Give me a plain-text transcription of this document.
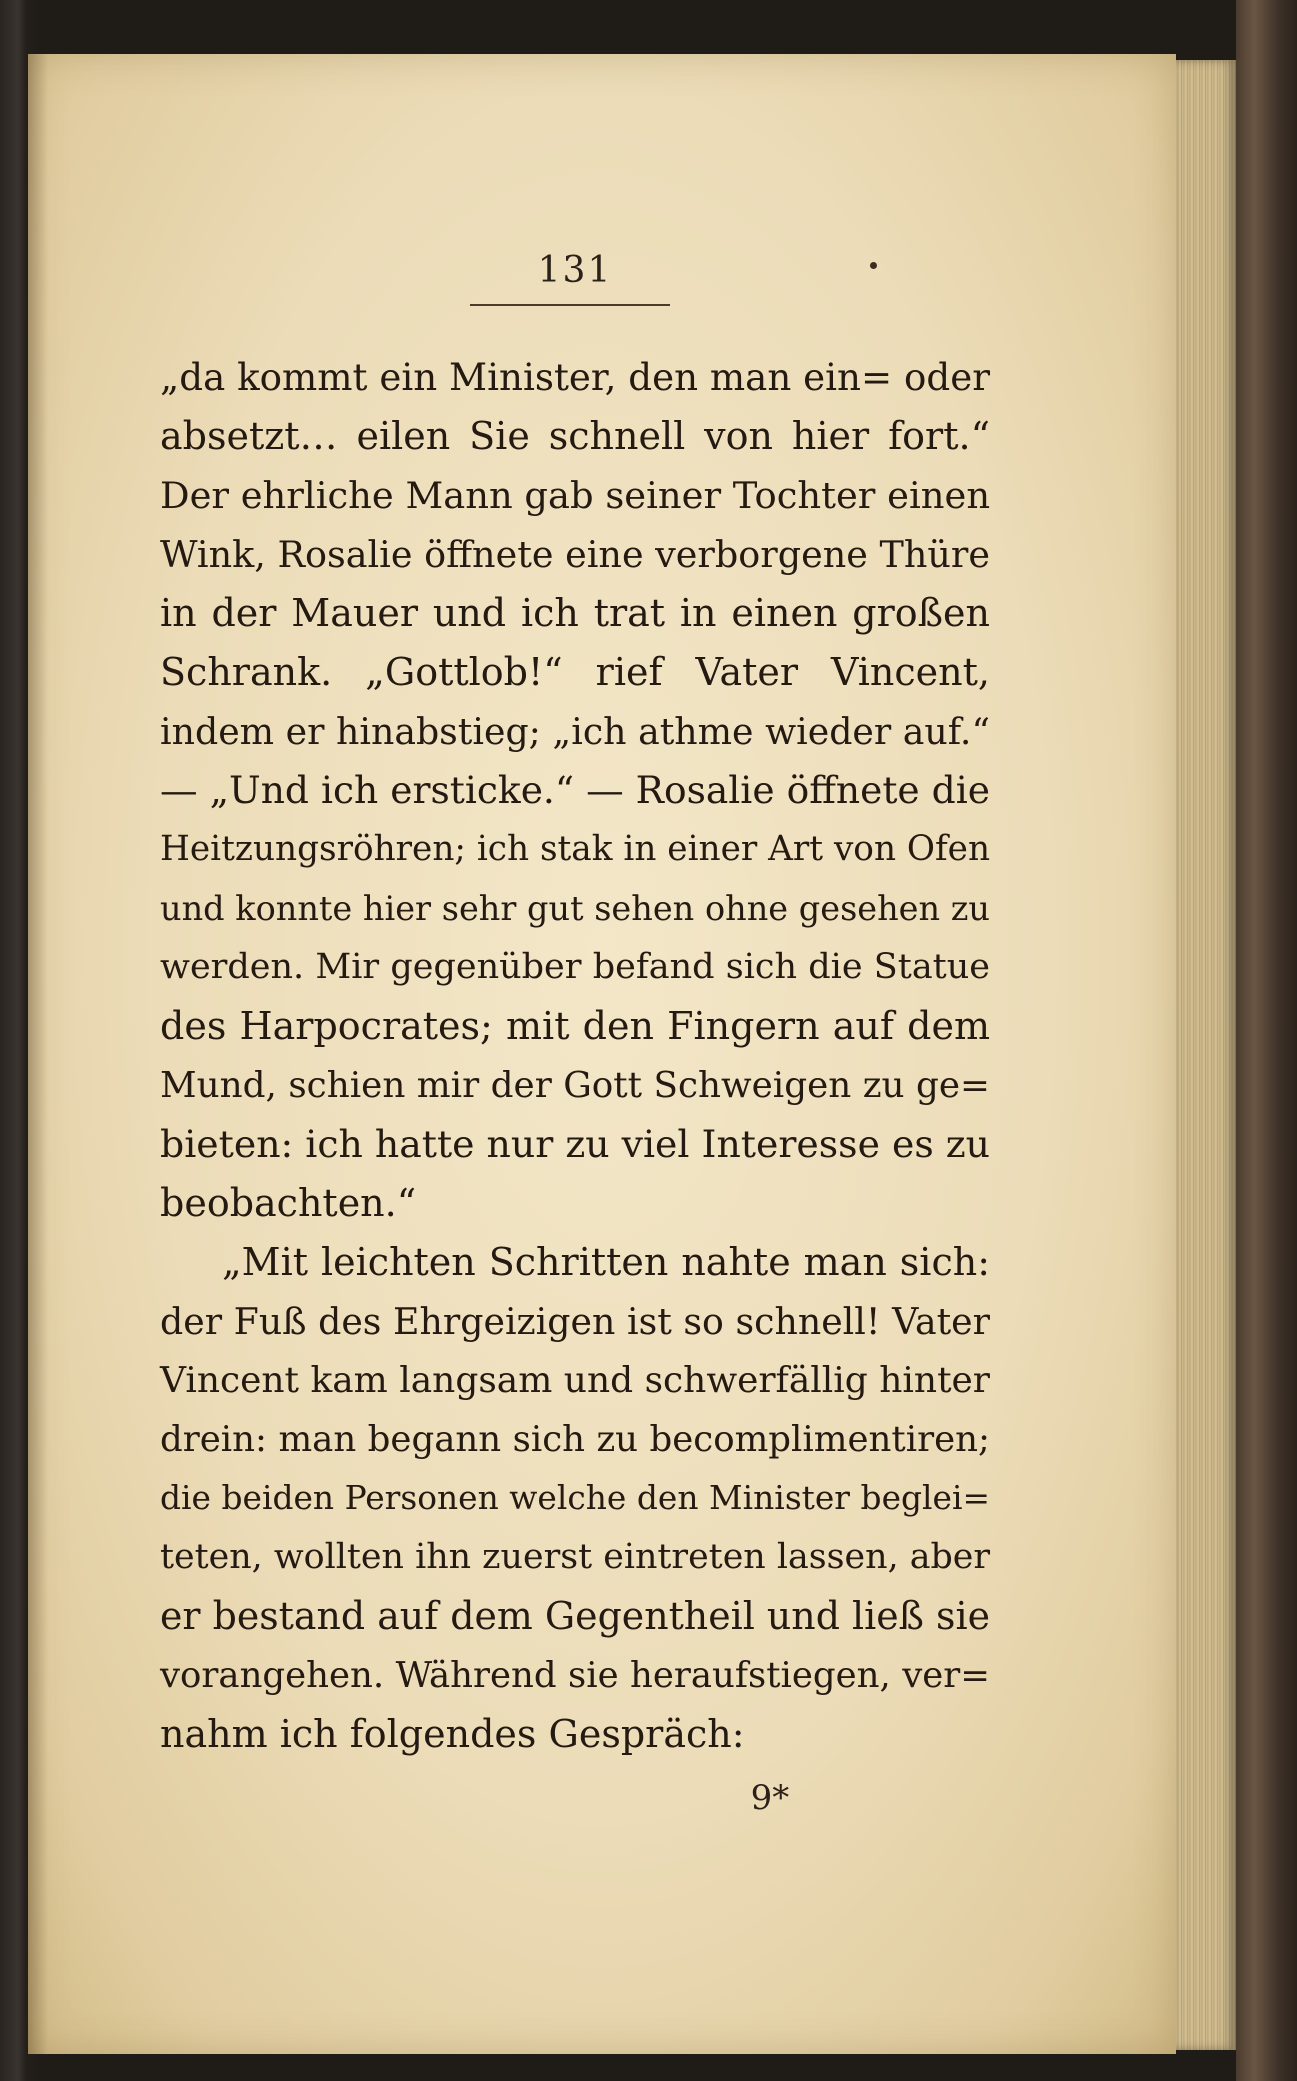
131
„da kommt ein Minister, den man ein= oder
absetzt… eilen Sie schnell von hier fort.“
Der ehrliche Mann gab seiner Tochter einen
Wink, Rosalie öffnete eine verborgene Thüre
in der Mauer und ich trat in einen großen
Schrank. „Gottlob!“ rief Vater Vincent,
indem er hinabstieg; „ich athme wieder auf.“
— „Und ich ersticke.“ — Rosalie öffnete die
Heitzungsröhren; ich stak in einer Art von Ofen
und konnte hier sehr gut sehen ohne gesehen zu
werden. Mir gegenüber befand sich die Statue
des Harpocrates; mit den Fingern auf dem
Mund, schien mir der Gott Schweigen zu ge=
bieten: ich hatte nur zu viel Interesse es zu
beobachten.“
„Mit leichten Schritten nahte man sich:
der Fuß des Ehrgeizigen ist so schnell! Vater
Vincent kam langsam und schwerfällig hinter
drein: man begann sich zu becomplimentiren;
die beiden Personen welche den Minister beglei=
teten, wollten ihn zuerst eintreten lassen, aber
er bestand auf dem Gegentheil und ließ sie
vorangehen. Während sie heraufstiegen, ver=
nahm ich folgendes Gespräch:
9*
